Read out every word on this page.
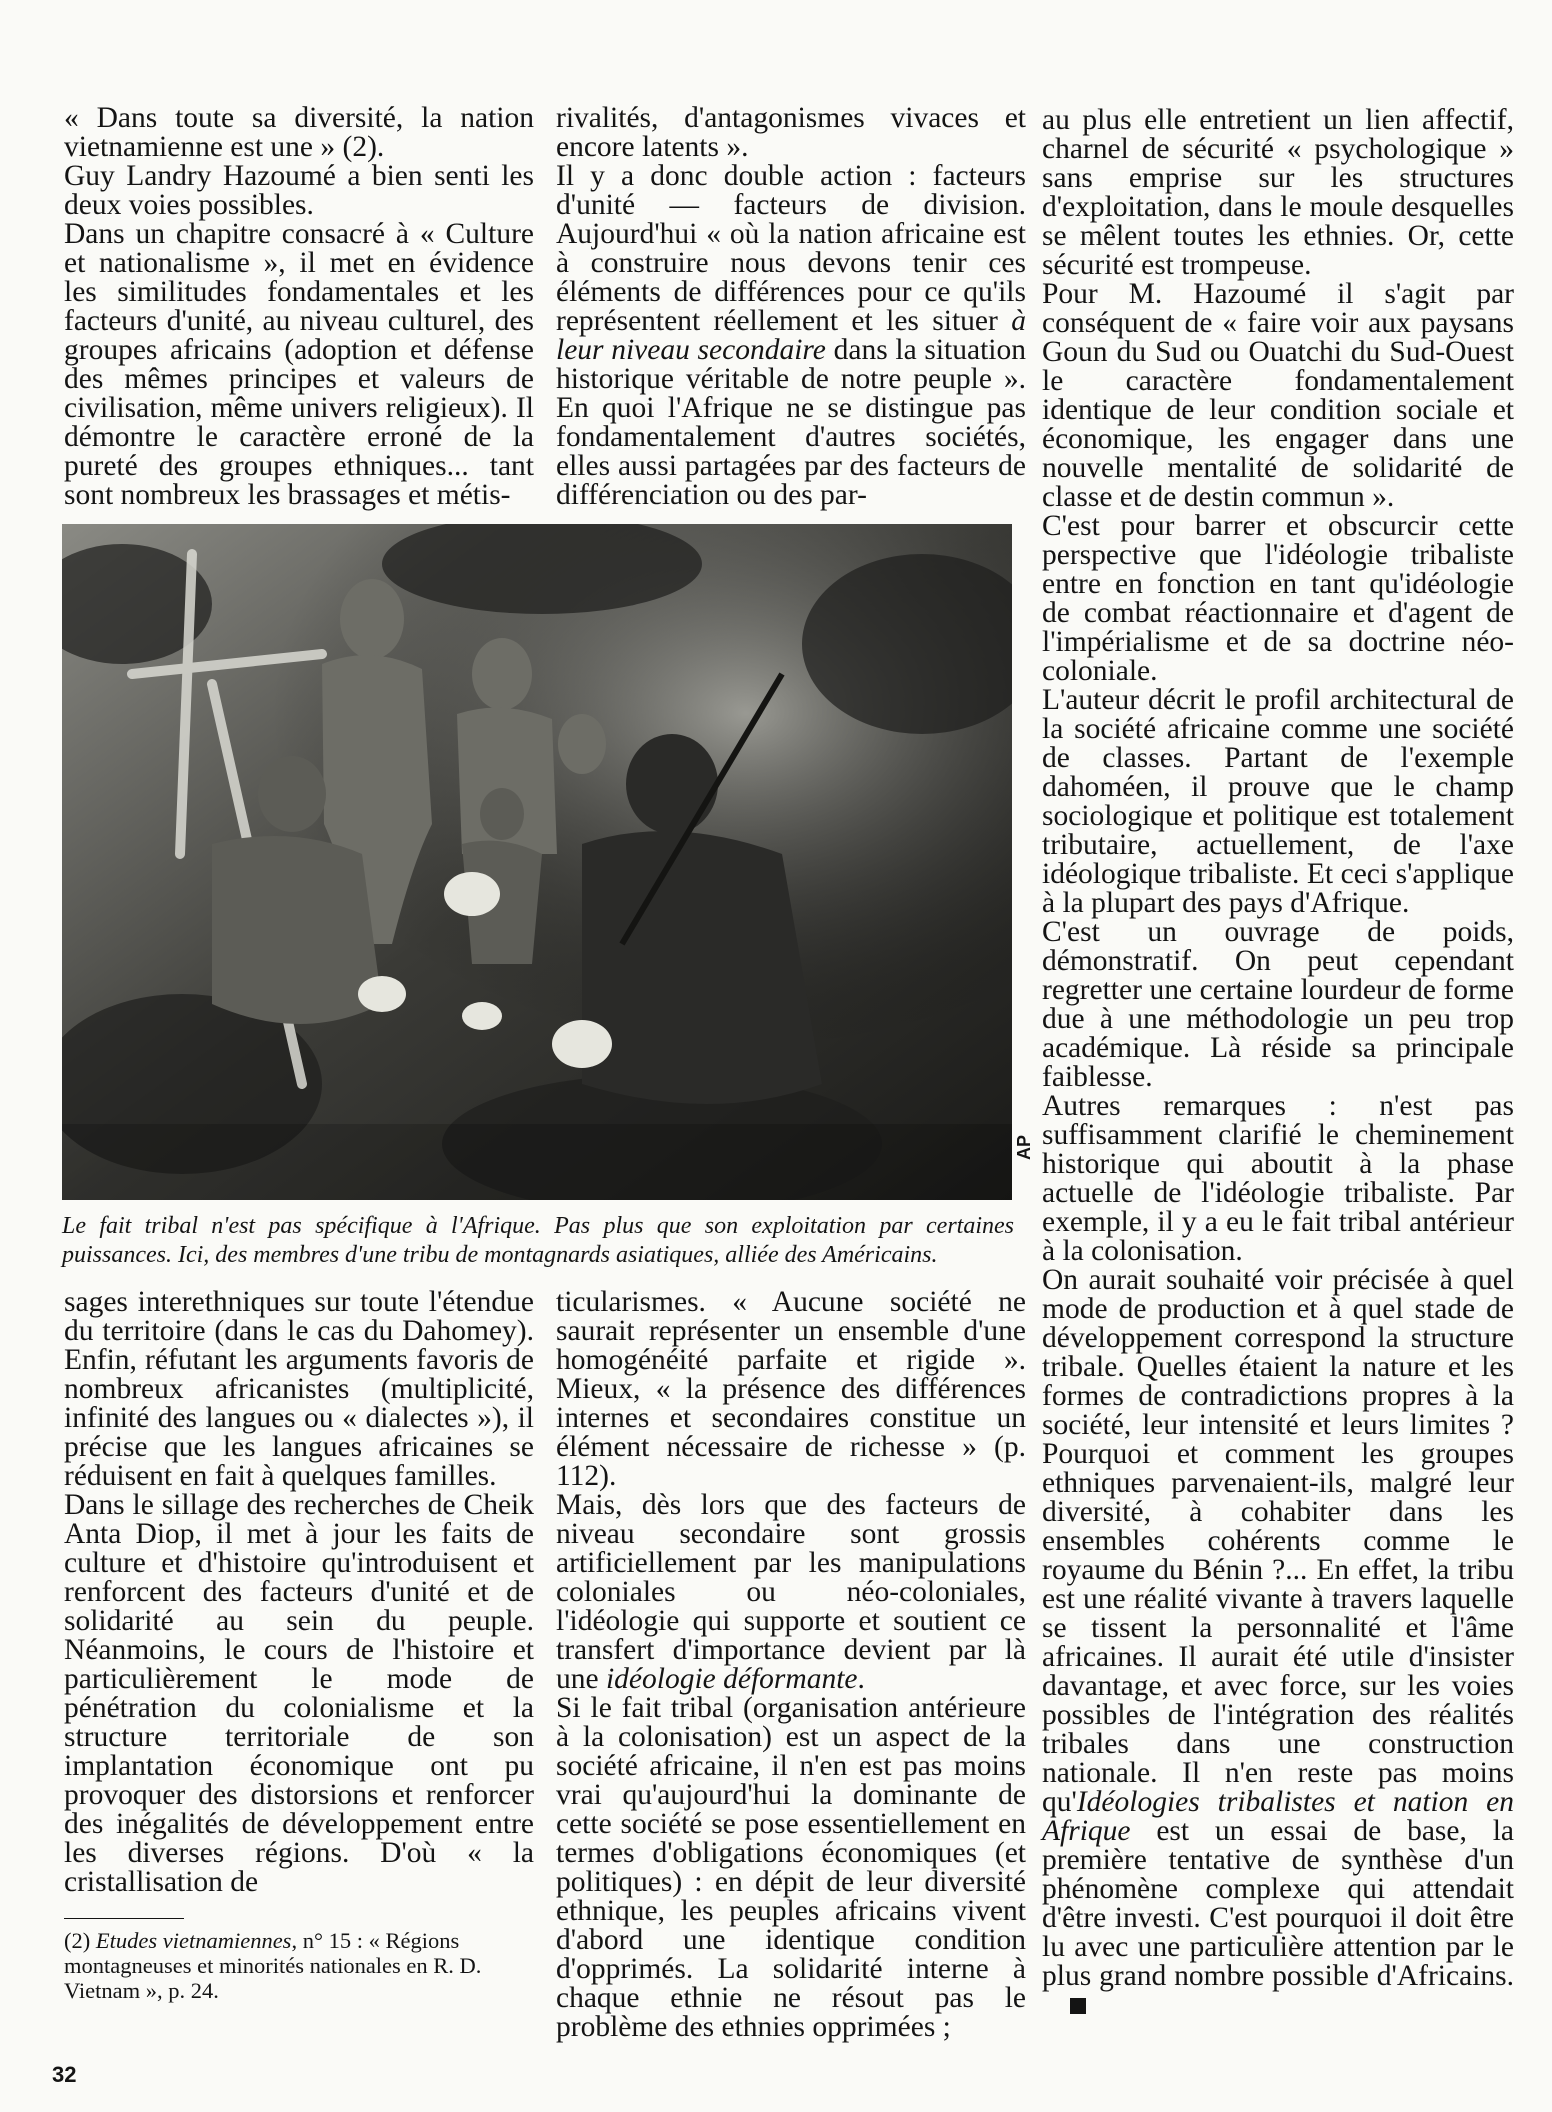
« Dans toute sa diversité, la nation vietnamienne est une » (2).

Guy Landry Hazoumé a bien senti les deux voies possibles.

Dans un chapitre consacré à « Culture et nationalisme », il met en évidence les similitudes fondamentales et les facteurs d'unité, au niveau culturel, des groupes africains (adoption et défense des mêmes principes et valeurs de civilisation, même univers religieux). Il démontre le caractère erroné de la pureté des groupes ethniques... tant sont nombreux les brassages et métis-

rivalités, d'antagonismes vivaces et encore latents ».

Il y a donc double action : facteurs d'unité — facteurs de division. Aujourd'hui « où la nation africaine est à construire nous devons tenir ces éléments de différences pour ce qu'ils représentent réellement et les situer à leur niveau secondaire dans la situation historique véritable de notre peuple ». En quoi l'Afrique ne se distingue pas fondamentalement d'autres sociétés, elles aussi partagées par des facteurs de différenciation ou des par-

AP
Le fait tribal n'est pas spécifique à l'Afrique. Pas plus que son exploitation par certaines puissances. Ici, des membres d'une tribu de montagnards asiatiques, alliée des Américains.

sages interethniques sur toute l'étendue du territoire (dans le cas du Dahomey). Enfin, réfutant les arguments favoris de nombreux africanistes (multiplicité, infinité des langues ou « dialectes »), il précise que les langues africaines se réduisent en fait à quelques familles.

Dans le sillage des recherches de Cheik Anta Diop, il met à jour les faits de culture et d'histoire qu'introduisent et renforcent des facteurs d'unité et de solidarité au sein du peuple. Néanmoins, le cours de l'histoire et particulièrement le mode de pénétration du colonialisme et la structure territoriale de son implantation économique ont pu provoquer des distorsions et renforcer des inégalités de développement entre les diverses régions. D'où « la cristallisation de

ticularismes. « Aucune société ne saurait représenter un ensemble d'une homogénéité parfaite et rigide ». Mieux, « la présence des différences internes et secondaires constitue un élément nécessaire de richesse » (p. 112).

Mais, dès lors que des facteurs de niveau secondaire sont grossis artificiellement par les manipulations coloniales ou néo-coloniales, l'idéologie qui supporte et soutient ce transfert d'importance devient par là une idéologie déformante.

Si le fait tribal (organisation antérieure à la colonisation) est un aspect de la société africaine, il n'en est pas moins vrai qu'aujourd'hui la dominante de cette société se pose essentiellement en termes d'obligations économiques (et politiques) : en dépit de leur diversité ethnique, les peuples africains vivent d'abord une identique condition d'opprimés. La solidarité interne à chaque ethnie ne résout pas le problème des ethnies opprimées ;

au plus elle entretient un lien affectif, charnel de sécurité « psychologique » sans emprise sur les structures d'exploitation, dans le moule desquelles se mêlent toutes les ethnies. Or, cette sécurité est trompeuse.

Pour M. Hazoumé il s'agit par conséquent de « faire voir aux paysans Goun du Sud ou Ouatchi du Sud-Ouest le caractère fondamentalement identique de leur condition sociale et économique, les engager dans une nouvelle mentalité de solidarité de classe et de destin commun ».

C'est pour barrer et obscurcir cette perspective que l'idéologie tribaliste entre en fonction en tant qu'idéologie de combat réactionnaire et d'agent de l'impérialisme et de sa doctrine néo-coloniale.

L'auteur décrit le profil architectural de la société africaine comme une société de classes. Partant de l'exemple dahoméen, il prouve que le champ sociologique et politique est totalement tributaire, actuellement, de l'axe idéologique tribaliste. Et ceci s'applique à la plupart des pays d'Afrique.

C'est un ouvrage de poids, démonstratif. On peut cependant regretter une certaine lourdeur de forme due à une méthodologie un peu trop académique. Là réside sa principale faiblesse.

Autres remarques : n'est pas suffisamment clarifié le cheminement historique qui aboutit à la phase actuelle de l'idéologie tribaliste. Par exemple, il y a eu le fait tribal antérieur à la colonisation.

On aurait souhaité voir précisée à quel mode de production et à quel stade de développement correspond la structure tribale. Quelles étaient la nature et les formes de contradictions propres à la société, leur intensité et leurs limites ? Pourquoi et comment les groupes ethniques parvenaient-ils, malgré leur diversité, à cohabiter dans les ensembles cohérents comme le royaume du Bénin ?... En effet, la tribu est une réalité vivante à travers laquelle se tissent la personnalité et l'âme africaines. Il aurait été utile d'insister davantage, et avec force, sur les voies possibles de l'intégration des réalités tribales dans une construction nationale. Il n'en reste pas moins qu'Idéologies tribalistes et nation en Afrique est un essai de base, la première tentative de synthèse d'un phénomène complexe qui attendait d'être investi. C'est pourquoi il doit être lu avec une particulière attention par le plus grand nombre possible d'Africains.

(2) Etudes vietnamiennes, n° 15 : « Régions montagneuses et minorités nationales en R. D. Vietnam », p. 24.
32
